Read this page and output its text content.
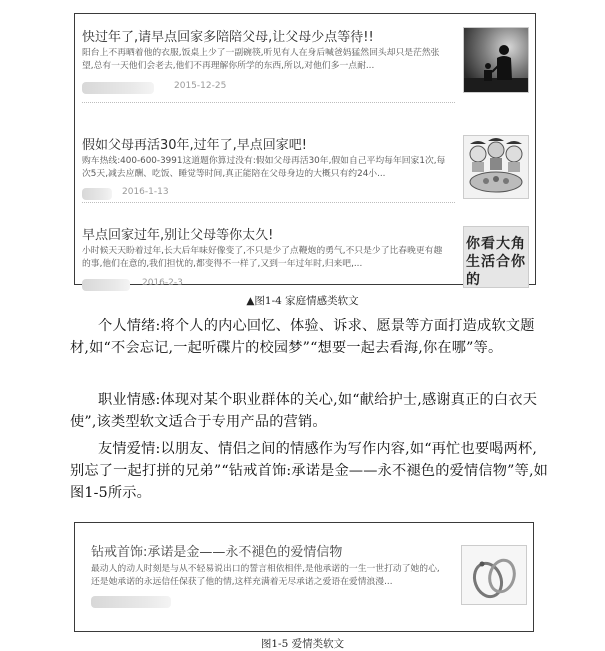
快过年了,请早点回家多陪陪父母,让父母少点等待!!
阳台上不再晒着他的衣服,饭桌上少了一副碗筷,听见有人在身后喊爸妈猛然回头却只是茫然张望,总有一天他们会老去,他们不再理解你所学的东西,所以,对他们多一点耐...
2015-12-25
假如父母再活30年,过年了,早点回家吧!
购车热线:400-600-3991这道题你算过没有:假如父母再活30年,假如自己平均每年回家1次,每次5天,减去应酬、吃饭、睡觉等时间,真正能陪在父母身边的大概只有约24小...
2016-1-13
早点回家过年,别让父母等你太久!
小时候天天盼着过年,长大后年味好像变了,不只是少了点鞭炮的勇气,不只是少了比春晚更有趣的事,他们在意的,我们担忧的,都变得不一样了,又到一年过年时,归来吧,...
2016-2-3
你看大角生活合你的
▲图1-4 家庭情感类软文

个人情绪:将个人的内心回忆、体验、诉求、愿景等方面打造成软文题材,如“不会忘记,一起听碟片的校园梦”“想要一起去看海,你在哪”等。

职业情感:体现对某个职业群体的关心,如“献给护士,感谢真正的白衣天使”,该类型软文适合于专用产品的营销。

友情爱情:以朋友、情侣之间的情感作为写作内容,如“再忙也要喝两杯,别忘了一起打拼的兄弟”“钻戒首饰:承诺是金——永不褪色的爱情信物”等,如图1-5所示。

钻戒首饰:承诺是金——永不褪色的爱情信物
最动人的动人时刻是与从不轻易说出口的誓言相依相伴,是他承诺的一生一世打动了她的心,还是她承诺的永远信任保获了他的情,这样充满着无尽承诺之爱语在爱情浪漫...
图1-5 爱情类软文
